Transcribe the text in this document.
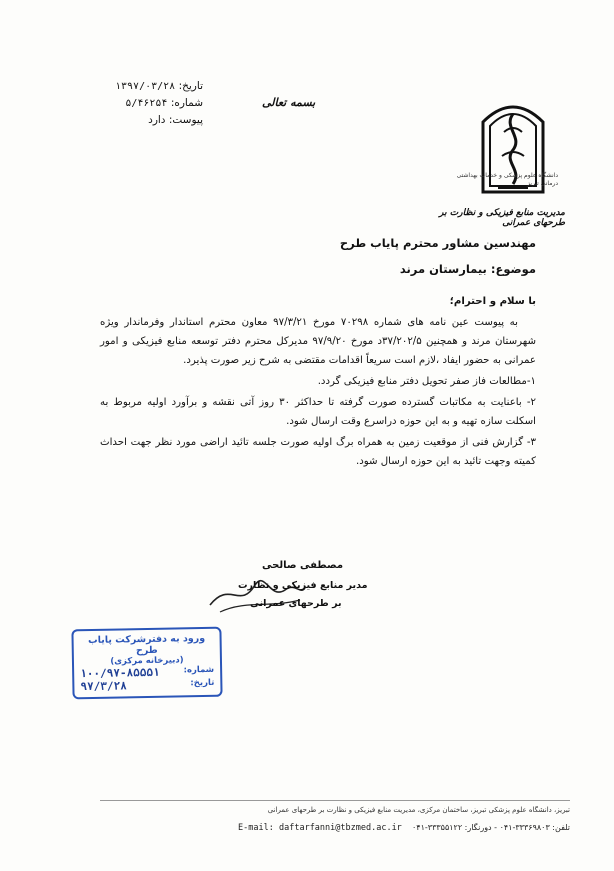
تاریخ: ۱۳۹۷/۰۳/۲۸
شماره: ۵/۴۶۲۵۴
پیوست: دارد
بسمه تعالی
دانشگاه علوم پزشکی و خدمات بهداشتی درمانی تبریز
مدیریت منابع فیزیکی و نظارت بر طرحهای عمرانی
مهندسین مشاور محترم پایاب طرح
موضوع: بیمارستان مرند

با سلام و احترام؛

به پیوست عین نامه های شماره ۷۰۲۹۸ مورخ ۹۷/۳/۲۱ معاون محترم استاندار وفرماندار ویژه شهرستان مرند و همچنین ۳۷/۲۰۲/۵د مورخ ۹۷/۹/۲۰ مدیرکل محترم دفتر توسعه منابع فیزیکی و امور عمرانی به حضور ایفاد ،لازم است سریعاً اقدامات مقتضی به شرح زیر صورت پذیرد.

۱-مطالعات فاز صفر تحویل دفتر منابع فیزیکی گردد.

۲- باعنایت به مکاتبات گسترده صورت گرفته تا حداکثر ۳۰ روز آتی نقشه و برآورد اولیه مربوط به اسکلت سازه تهیه و به این حوزه دراسرع وقت ارسال شود.

۳- گزارش فنی از موقعیت زمین به همراه برگ اولیه صورت جلسه تائید اراضی مورد نظر جهت احداث کمیته وجهت تائید به این حوزه ارسال شود.

مصطفی صالحی
مدیر منابع فیزیکی و نظارت
بر طرحهای عمرانی
ورود به دفترشرکت پایاب طرح
(دبیرخانه مرکزی)
شماره:
۱۰۰/۹۷-۸۵۵۵۱
تاریخ:
۹۷/۳/۲۸
تبریز، دانشگاه علوم پزشکی تبریز، ساختمان مرکزی، مدیریت منابع فیزیکی و نظارت بر طرحهای عمرانی
تلفن: ۳۳۳۶۹۸۰۳-۰۴۱ - دورنگار: ۳۳۳۵۵۱۲۲-۰۴۱    E-mail: daftarfanni@tbzmed.ac.ir
